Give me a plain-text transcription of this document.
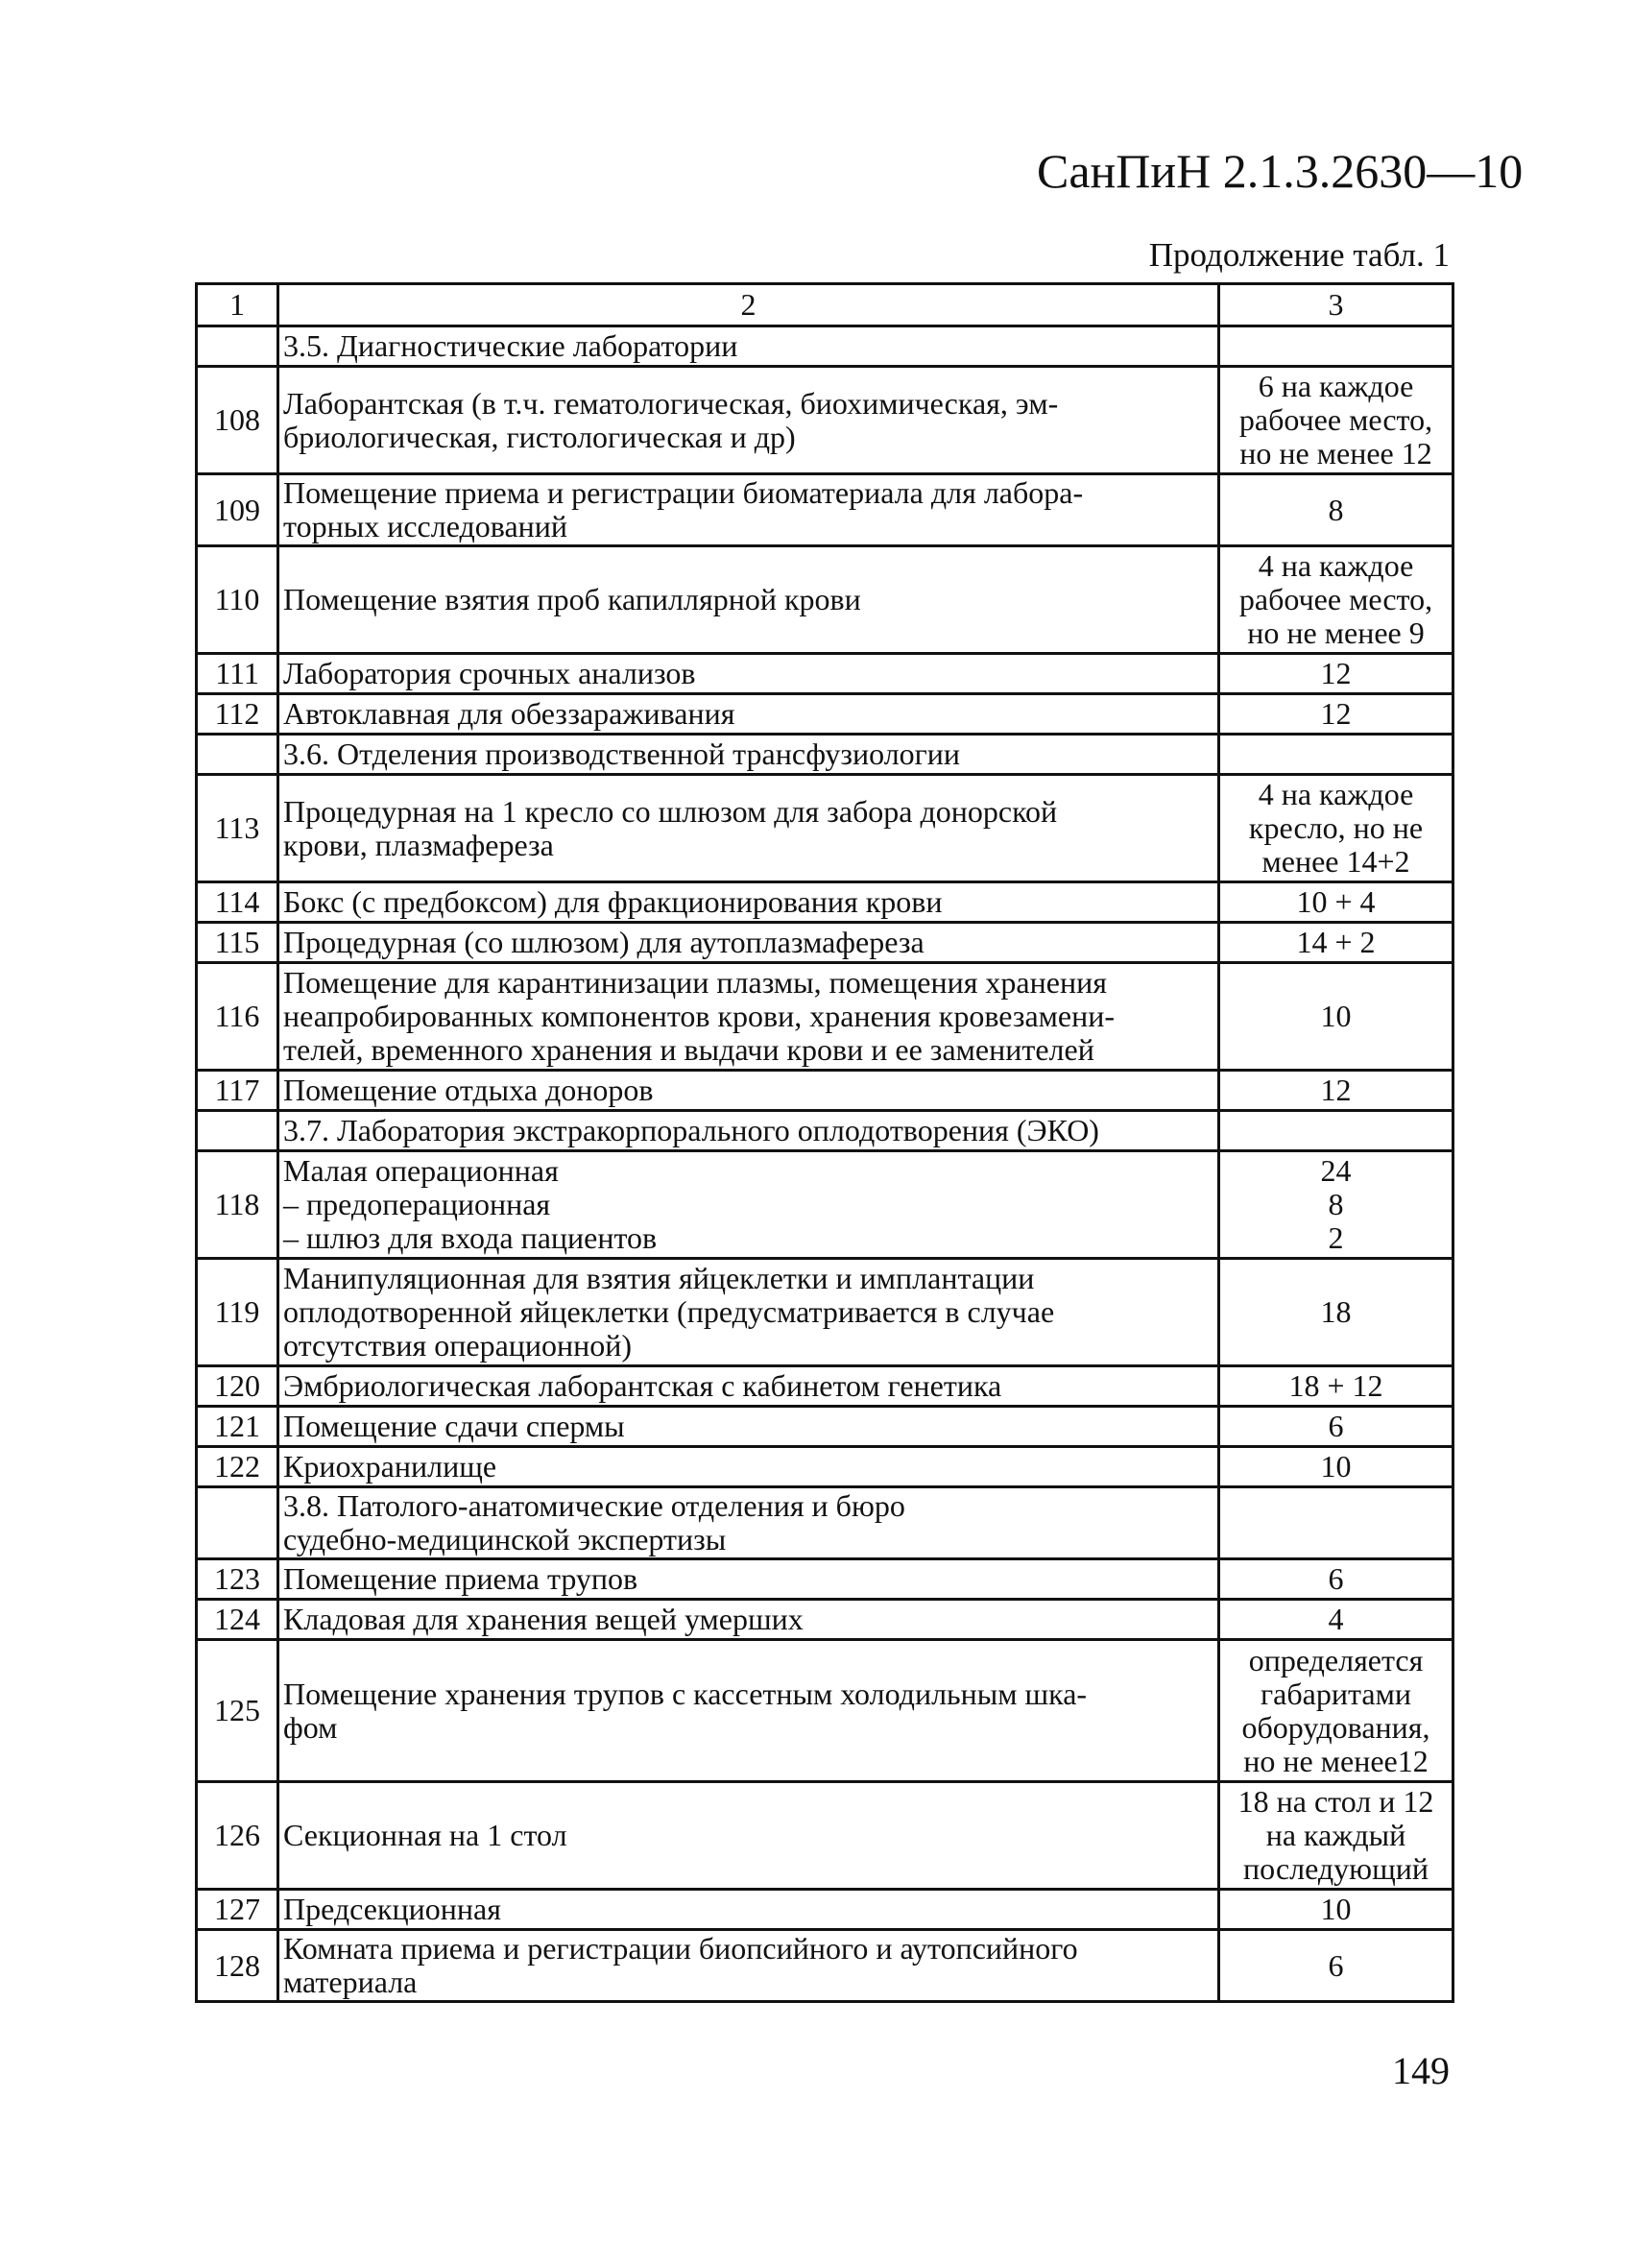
СанПиН 2.1.3.2630—10
Продолжение табл. 1
1	2	3
	3.5. Диагностические лаборатории	
108	Лаборантская (в т.ч. гематологическая, биохимическая, эм-
бриологическая, гистологическая и др)	6 на каждое
рабочее место,
но не менее 12
109	Помещение приема и регистрации биоматериала для лабора-
торных исследований	8
110	Помещение взятия проб капиллярной крови	4 на каждое
рабочее место,
но не менее 9
111	Лаборатория срочных анализов	12
112	Автоклавная для обеззараживания	12
	3.6. Отделения производственной трансфузиологии	
113	Процедурная на 1 кресло со шлюзом для забора донорской
крови, плазмафереза	4 на каждое
кресло, но не
менее 14+2
114	Бокс (с предбоксом) для фракционирования крови	10 + 4
115	Процедурная (со шлюзом) для аутоплазмафереза	14 + 2
116	Помещение для карантинизации плазмы, помещения хранения
неапробированных компонентов крови, хранения кровезамени-
телей, временного хранения и выдачи крови и ее заменителей	10
117	Помещение отдыха доноров	12
	3.7. Лаборатория экстракорпорального оплодотворения (ЭКО)	
118	Малая операционная
– предоперационная
– шлюз для входа пациентов	24
8
2
119	Манипуляционная для взятия яйцеклетки и имплантации
оплодотворенной яйцеклетки (предусматривается в случае
отсутствия операционной)	18
120	Эмбриологическая лаборантская с кабинетом генетика	18 + 12
121	Помещение сдачи спермы	6
122	Криохранилище	10
	3.8. Патолого-анатомические отделения и бюро
судебно-медицинской экспертизы	
123	Помещение приема трупов	6
124	Кладовая для хранения вещей умерших	4
125	Помещение хранения трупов с кассетным холодильным шка-
фом	определяется
габаритами
оборудования,
но не менее12
126	Секционная на 1 стол	18 на стол и 12
на каждый
последующий
127	Предсекционная	10
128	Комната приема и регистрации биопсийного и аутопсийного
материала	6
149
